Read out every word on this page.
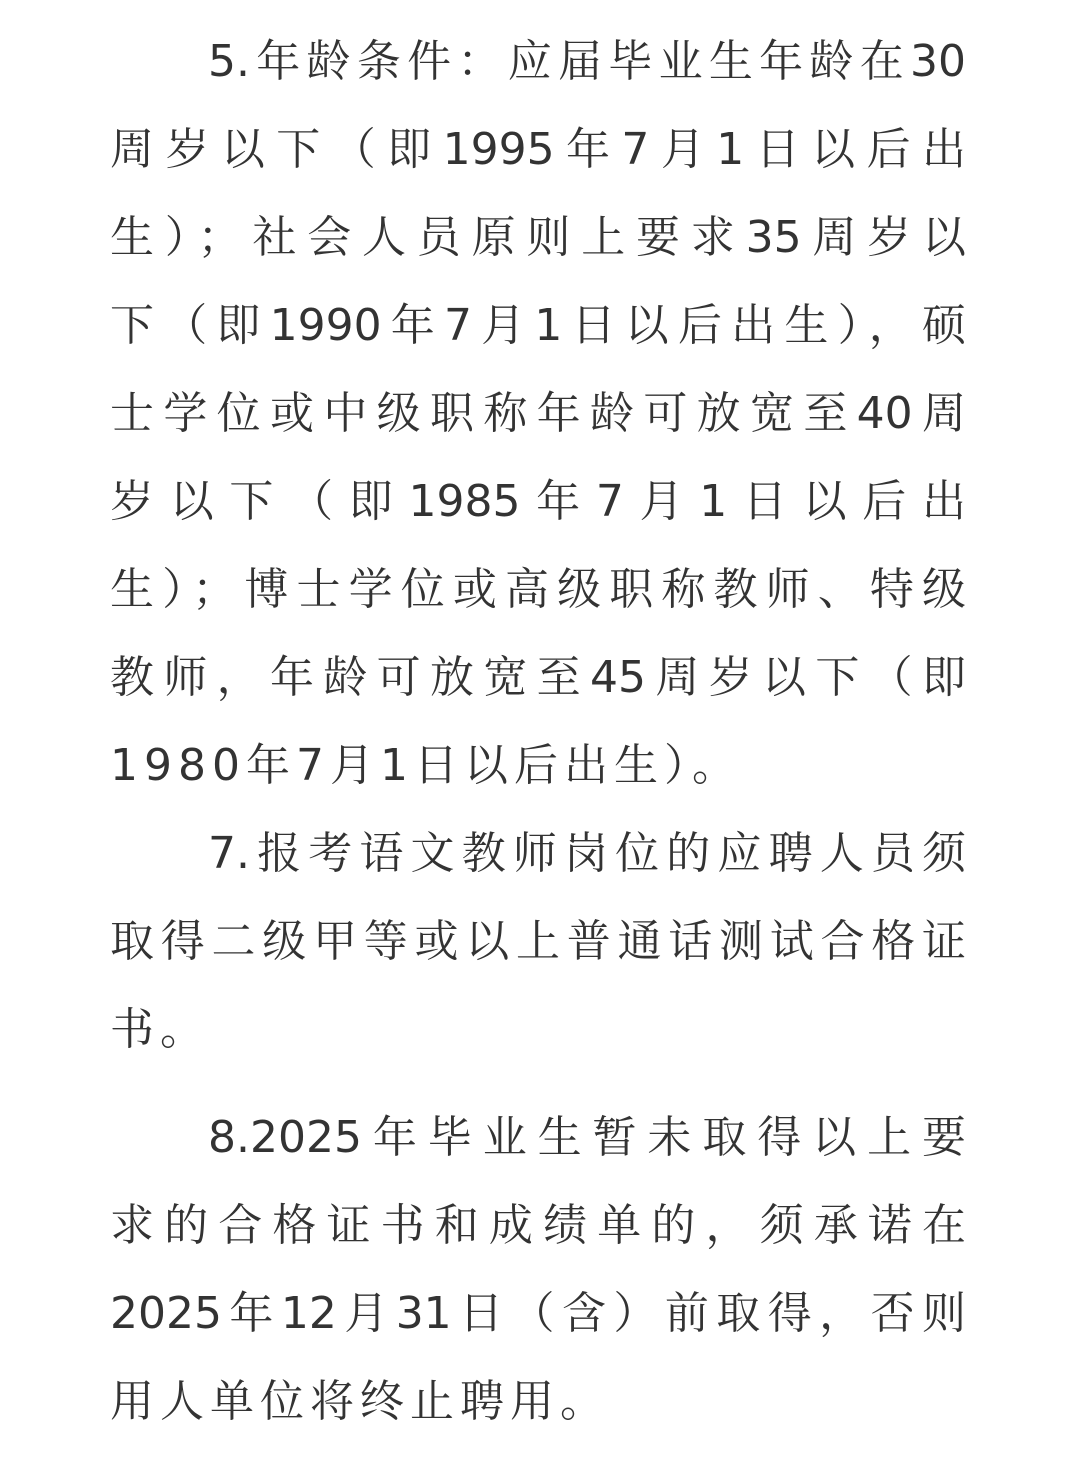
5.年龄条件：应届毕业生年龄在30
周岁以下（即1995年7月1日以后出
生）；社会人员原则上要求35周岁以
下（即1990年7月1日以后出生），硕
士学位或中级职称年龄可放宽至40周
岁以下（即1985年7月1日以后出
生）；博士学位或高级职称教师、特级
教师，年龄可放宽至45周岁以下（即
1980年7月1日以后出生）。
7.报考语文教师岗位的应聘人员须
取得二级甲等或以上普通话测试合格证
书。
8.2025年毕业生暂未取得以上要
求的合格证书和成绩单的，须承诺在
2025年12月31日（含）前取得，否则
用人单位将终止聘用。
